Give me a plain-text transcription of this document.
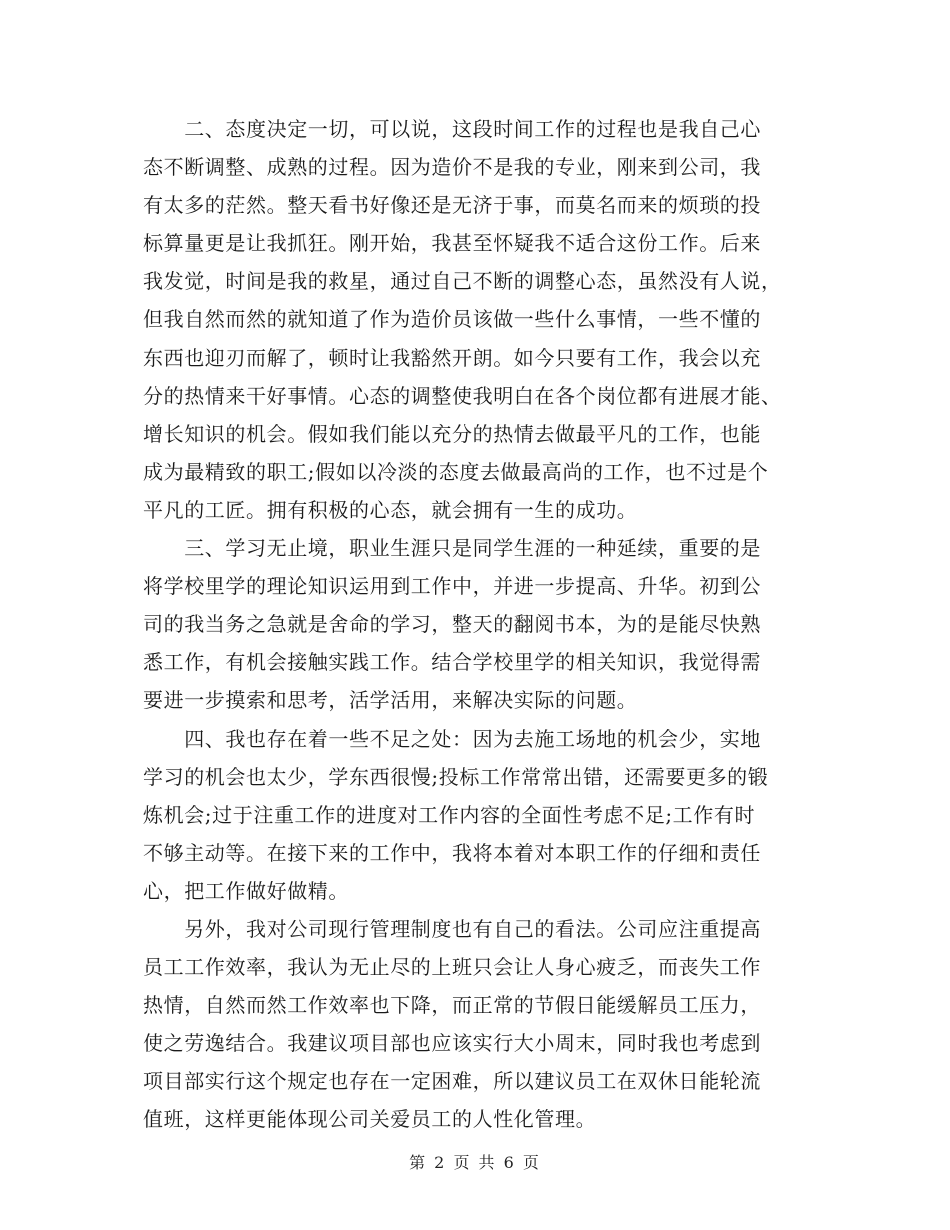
　　二、态度决定一切，可以说，这段时间工作的过程也是我自己心
态不断调整、成熟的过程。因为造价不是我的专业，刚来到公司，我
有太多的茫然。整天看书好像还是无济于事，而莫名而来的烦琐的投
标算量更是让我抓狂。刚开始，我甚至怀疑我不适合这份工作。后来
我发觉，时间是我的救星，通过自己不断的调整心态，虽然没有人说，
但我自然而然的就知道了作为造价员该做一些什么事情，一些不懂的
东西也迎刃而解了，顿时让我豁然开朗。如今只要有工作，我会以充
分的热情来干好事情。心态的调整使我明白在各个岗位都有进展才能、
增长知识的机会。假如我们能以充分的热情去做最平凡的工作，也能
成为最精致的职工;假如以冷淡的态度去做最高尚的工作，也不过是个
平凡的工匠。拥有积极的心态，就会拥有一生的成功。
　　三、学习无止境，职业生涯只是同学生涯的一种延续，重要的是
将学校里学的理论知识运用到工作中，并进一步提高、升华。初到公
司的我当务之急就是舍命的学习，整天的翻阅书本，为的是能尽快熟
悉工作，有机会接触实践工作。结合学校里学的相关知识，我觉得需
要进一步摸索和思考，活学活用，来解决实际的问题。
　　四、我也存在着一些不足之处：因为去施工场地的机会少，实地
学习的机会也太少，学东西很慢;投标工作常常出错，还需要更多的锻
炼机会;过于注重工作的进度对工作内容的全面性考虑不足;工作有时
不够主动等。在接下来的工作中，我将本着对本职工作的仔细和责任
心，把工作做好做精。
　　另外，我对公司现行管理制度也有自己的看法。公司应注重提高
员工工作效率，我认为无止尽的上班只会让人身心疲乏，而丧失工作
热情，自然而然工作效率也下降，而正常的节假日能缓解员工压力，
使之劳逸结合。我建议项目部也应该实行大小周末，同时我也考虑到
项目部实行这个规定也存在一定困难，所以建议员工在双休日能轮流
值班，这样更能体现公司关爱员工的人性化管理。
第 2 页 共 6 页
